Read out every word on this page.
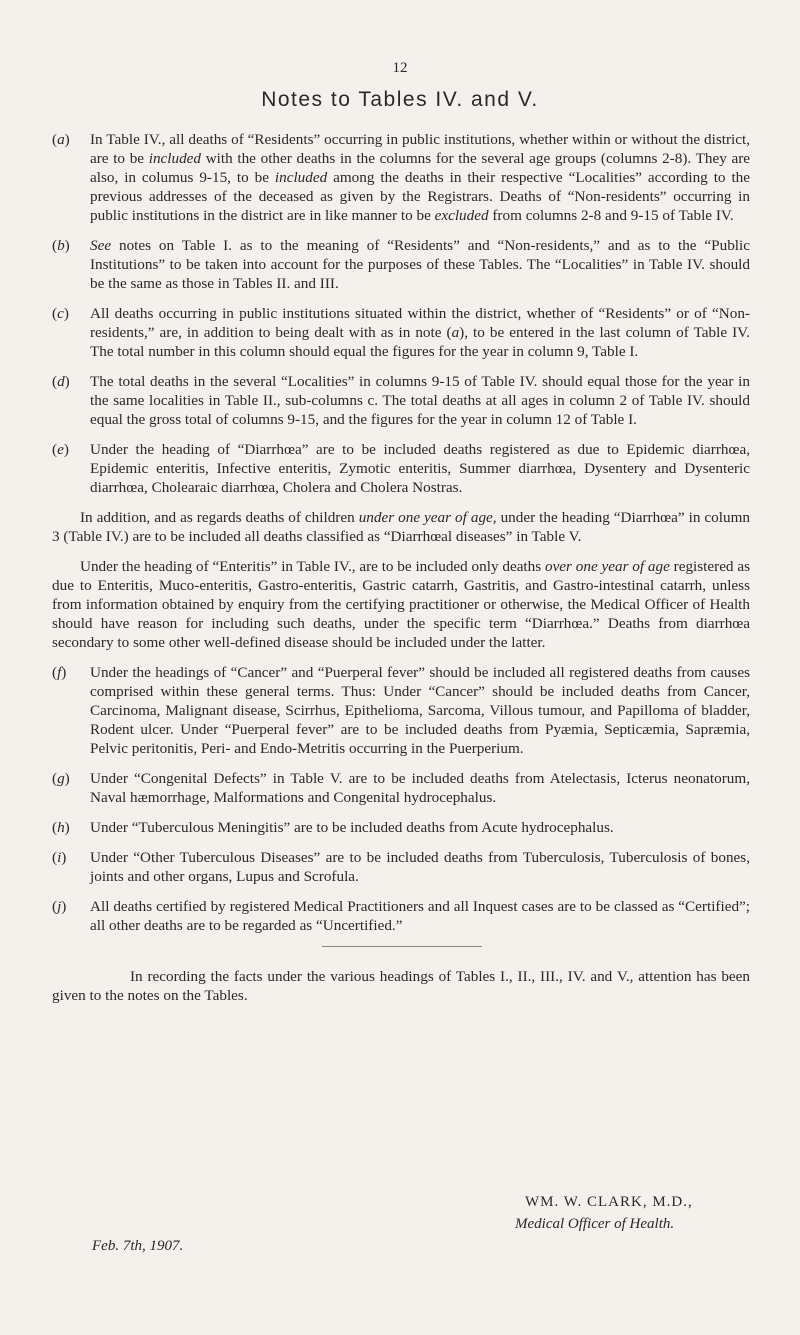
12
Notes to Tables IV. and V.
(a) In Table IV., all deaths of “Residents” occurring in public institutions, whether within or without the district, are to be included with the other deaths in the columns for the several age groups (columns 2-8). They are also, in columus 9-15, to be included among the deaths in their respective “Localities” according to the previous addresses of the deceased as given by the Registrars. Deaths of “Non-residents” occurring in public institutions in the district are in like manner to be excluded from columns 2-8 and 9-15 of Table IV.
(b) See notes on Table I. as to the meaning of “Residents” and “Non-residents,” and as to the “Public Institutions” to be taken into account for the purposes of these Tables. The “Localities” in Table IV. should be the same as those in Tables II. and III.
(c) All deaths occurring in public institutions situated within the district, whether of “Residents” or of “Non-residents,” are, in addition to being dealt with as in note (a), to be entered in the last column of Table IV. The total number in this column should equal the figures for the year in column 9, Table I.
(d) The total deaths in the several “Localities” in columns 9-15 of Table IV. should equal those for the year in the same localities in Table II., sub-columns c. The total deaths at all ages in column 2 of Table IV. should equal the gross total of columns 9-15, and the figures for the year in column 12 of Table I.
(e) Under the heading of “Diarrhœa” are to be included deaths registered as due to Epidemic diarrhœa, Epidemic enteritis, Infective enteritis, Zymotic enteritis, Summer diarrhœa, Dysentery and Dysenteric diarrhœa, Cholearaic diarrhœa, Cholera and Cholera Nostras.
In addition, and as regards deaths of children under one year of age, under the heading “Diarrhœa” in column 3 (Table IV.) are to be included all deaths classified as “Diarrhœal diseases” in Table V.
Under the heading of “Enteritis” in Table IV., are to be included only deaths over one year of age registered as due to Enteritis, Muco-enteritis, Gastro-enteritis, Gastric catarrh, Gastritis, and Gastro-intestinal catarrh, unless from information obtained by enquiry from the certifying practitioner or otherwise, the Medical Officer of Health should have reason for including such deaths, under the specific term “Diarrhœa.” Deaths from diarrhœa secondary to some other well-defined disease should be included under the latter.
(f) Under the headings of “Cancer” and “Puerperal fever” should be included all registered deaths from causes comprised within these general terms. Thus: Under “Cancer” should be included deaths from Cancer, Carcinoma, Malignant disease, Scirrhus, Epithelioma, Sarcoma, Villous tumour, and Papilloma of bladder, Rodent ulcer. Under “Puerperal fever” are to be included deaths from Pyæmia, Septicæmia, Sapræmia, Pelvic peritonitis, Peri- and Endo-Metritis occurring in the Puerperium.
(g) Under “Congenital Defects” in Table V. are to be included deaths from Atelectasis, Icterus neonatorum, Naval hæmorrhage, Malformations and Congenital hydrocephalus.
(h) Under “Tuberculous Meningitis” are to be included deaths from Acute hydrocephalus.
(i) Under “Other Tuberculous Diseases” are to be included deaths from Tuberculosis, Tuberculosis of bones, joints and other organs, Lupus and Scrofula.
(j) All deaths certified by registered Medical Practitioners and all Inquest cases are to be classed as “Certified”; all other deaths are to be regarded as “Uncertified.”
In recording the facts under the various headings of Tables I., II., III., IV. and V., attention has been given to the notes on the Tables.
WM. W. CLARK, M.D.,
Medical Officer of Health.
Feb. 7th, 1907.
